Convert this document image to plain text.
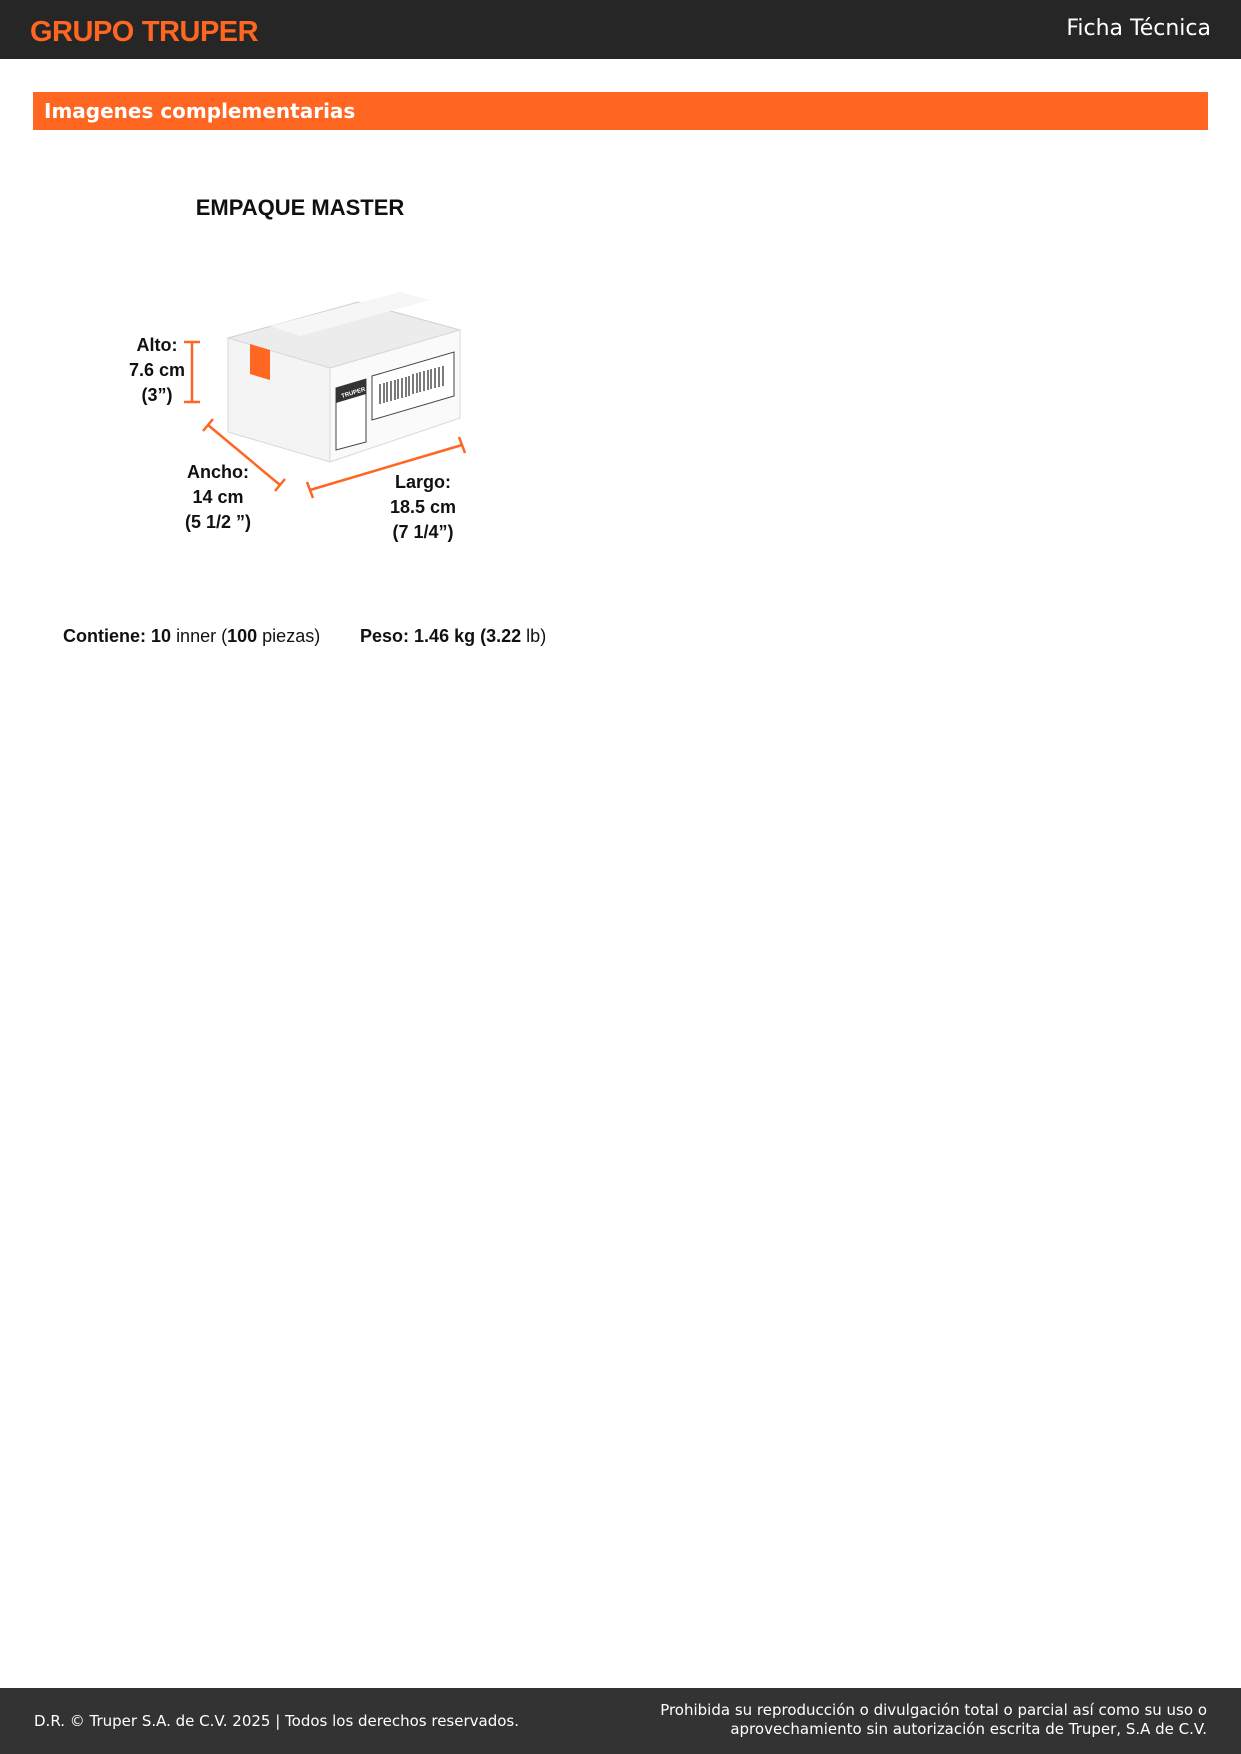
GRUPO TRUPER	Ficha Técnica
Imagenes complementarias
EMPAQUE MASTER
TRUPER
Alto:
7.6 cm
(3”)
Ancho:
14 cm
(5 1/2 ”)
Largo:
18.5 cm
(7 1/4”)
Contiene: 10 inner (100 piezas) Peso: 1.46 kg (3.22 lb)
D.R. © Truper S.A. de C.V. 2025 | Todos los derechos reservados.
Prohibida su reproducción o divulgación total o parcial así como su uso o
aprovechamiento sin autorización escrita de Truper, S.A de C.V.
